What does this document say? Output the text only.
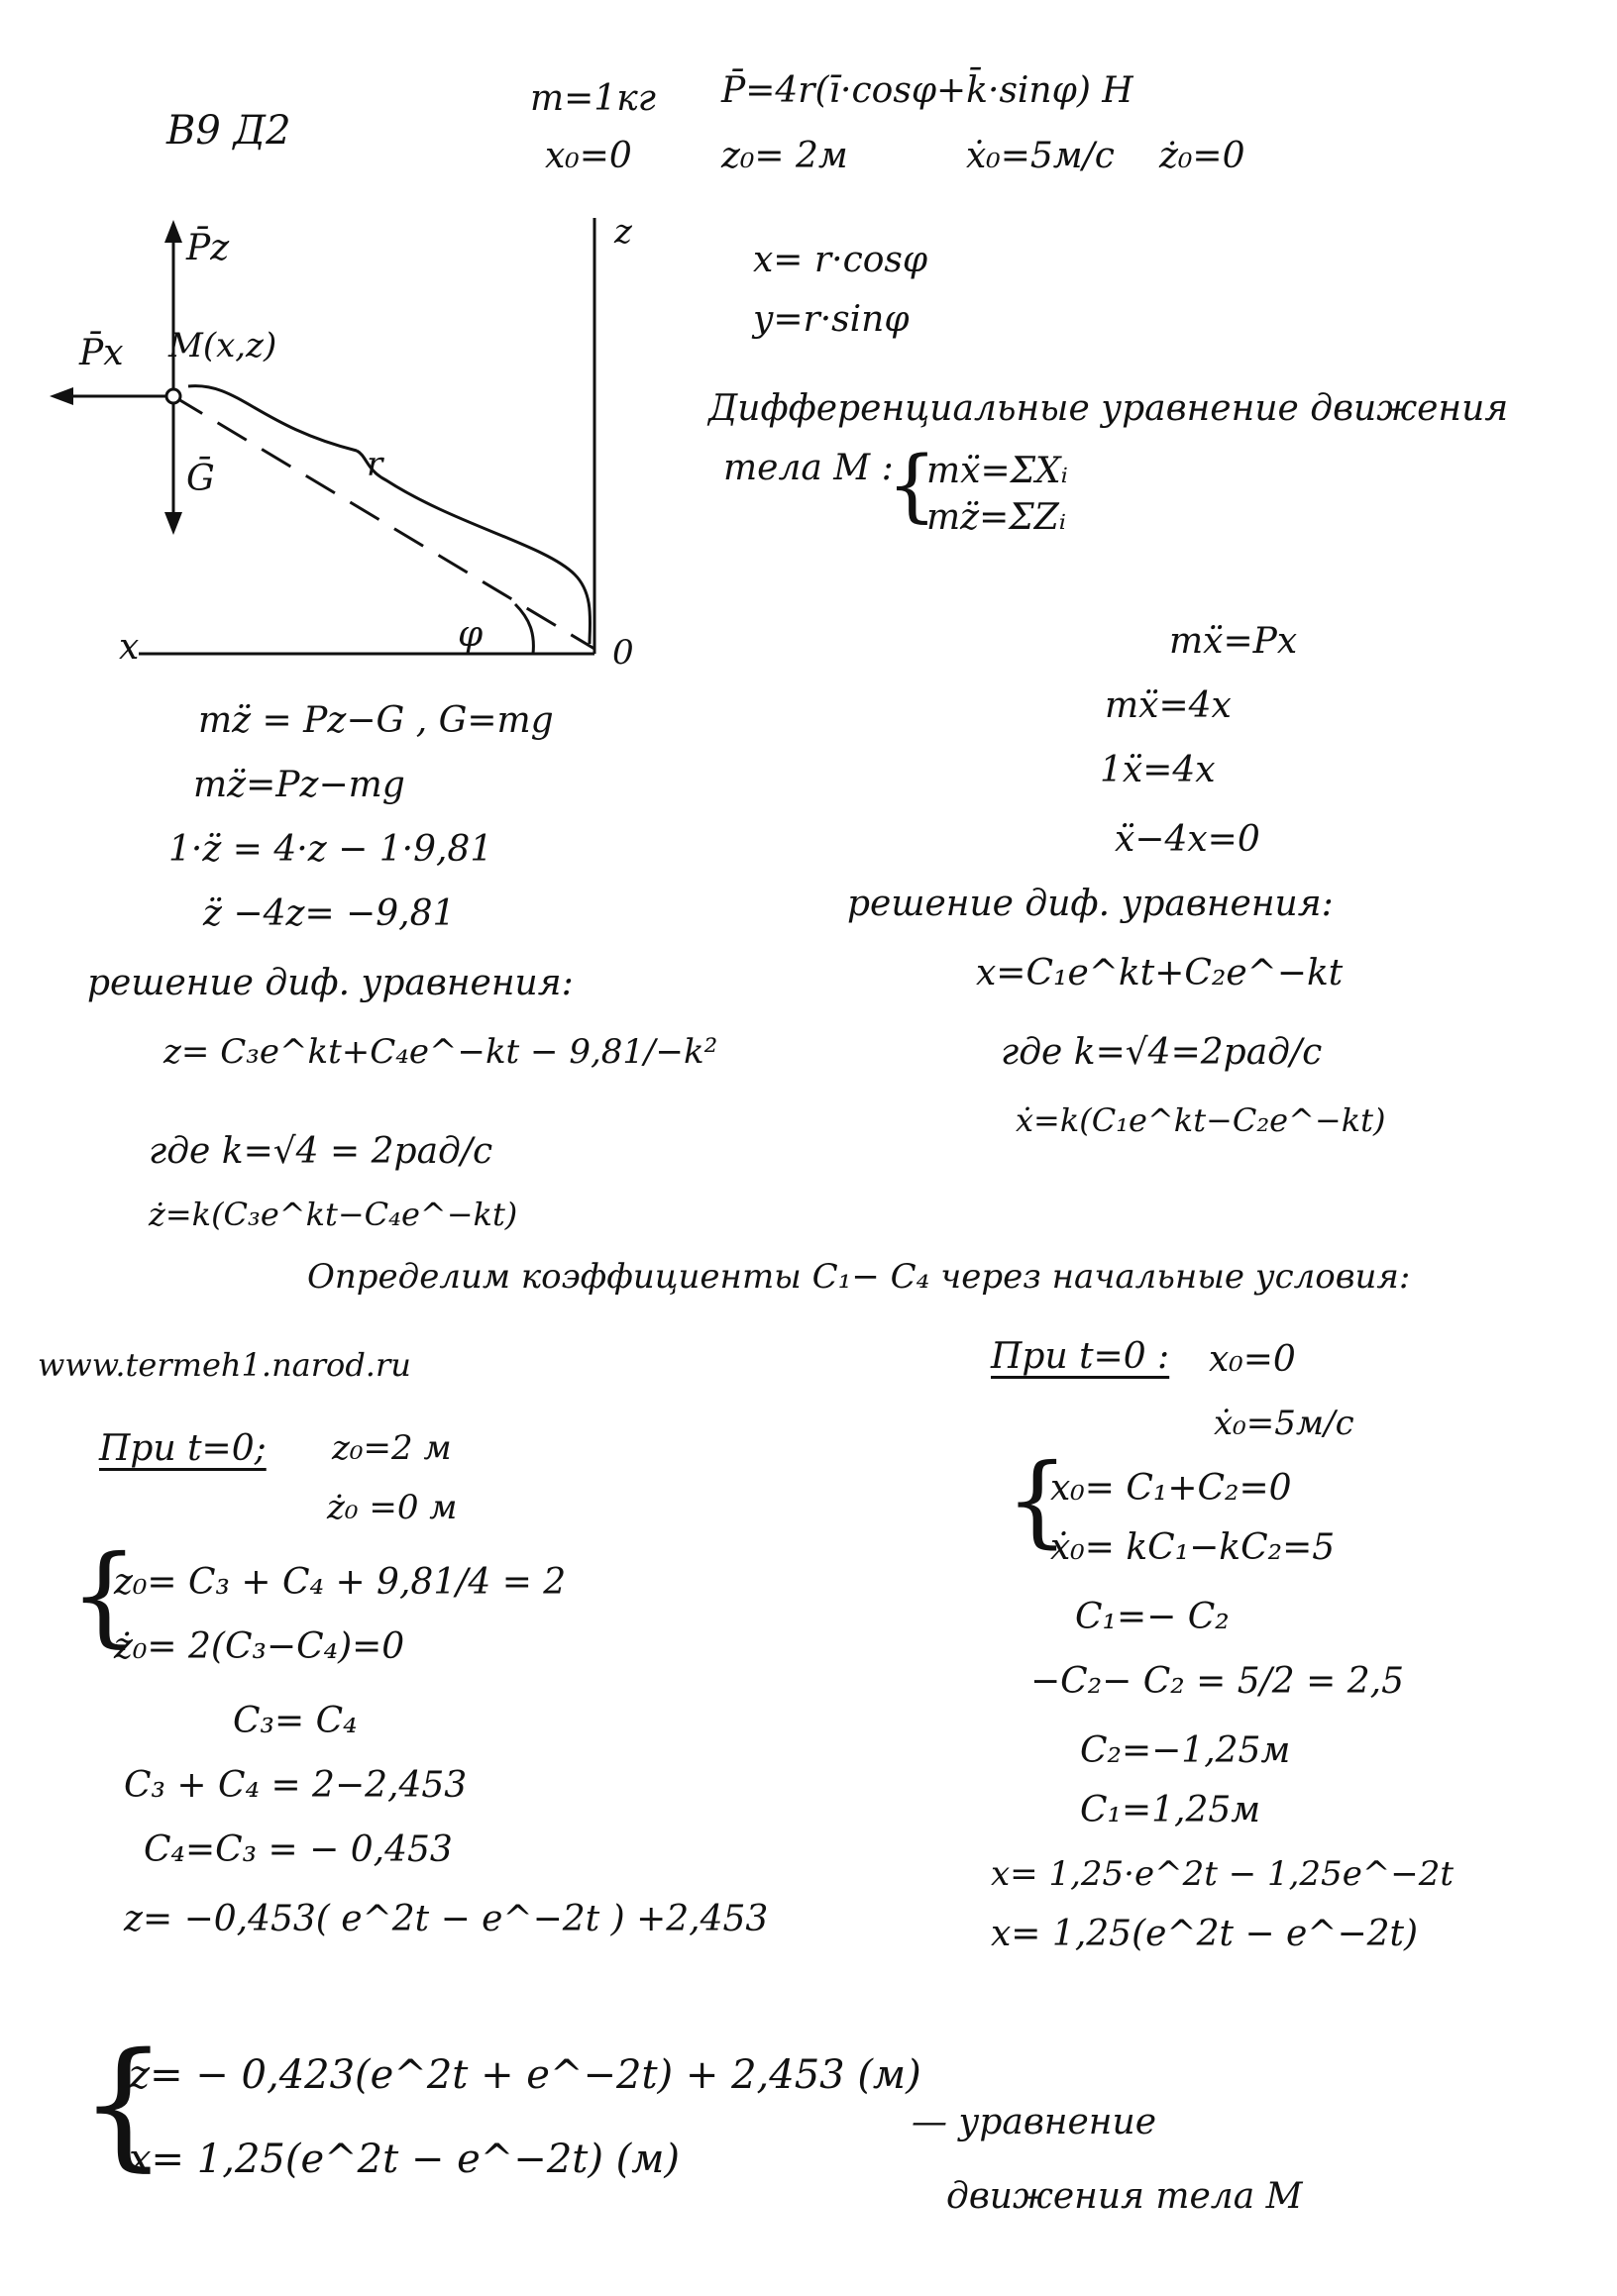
В9 Д2
m=1кг P̄=4r(ī·cosφ+k̄·sinφ) Н
x₀=0	z₀= 2м	ẋ₀=5м/с ż₀=0
P̄z
P̄x M(x,z)
Ḡ	r
x
z
φ	0
x= r·cosφ
y=r·sinφ
Дифференциальные уравнение движения
тела M :
{
mẍ=ΣXᵢ
mz̈=ΣZᵢ
mẍ=Px
mẍ=4x
1ẍ=4x
ẍ−4x=0
решение диф. уравнения:
x=C₁e^kt+C₂e^−kt
где k=√4=2рад/с
ẋ=k(C₁e^kt−C₂e^−kt)
mz̈ = Pz−G , G=mg
mz̈=Pz−mg
1·z̈ = 4·z − 1·9,81
z̈ −4z= −9,81
решение диф. уравнения:
z= C₃e^kt+C₄e^−kt − 9,81/−k²
где k=√4 = 2рад/с
ż=k(C₃e^kt−C₄e^−kt)
Определим коэффициенты C₁− C₄ через начальные условия:
www.termeh1.narod.ru
При t=0; z₀=2 м
ż₀ =0 м
{
z₀= C₃ + C₄ + 9,81/4 = 2
ż₀= 2(C₃−C₄)=0
C₃= C₄
C₃ + C₄ = 2−2,453
C₄=C₃ = − 0,453
z= −0,453( e^2t − e^−2t ) +2,453
При t=0 : x₀=0
ẋ₀=5м/с
{
x₀= C₁+C₂=0
ẋ₀= kC₁−kC₂=5
C₁=− C₂
−C₂− C₂ = 5/2 = 2,5
C₂=−1,25м
C₁=1,25м
x= 1,25·e^2t − 1,25e^−2t
x= 1,25(e^2t − e^−2t)
{
z= − 0,423(e^2t + e^−2t) + 2,453 (м)
x= 1,25(e^2t − e^−2t) (м)
— уравнение
движения тела M
